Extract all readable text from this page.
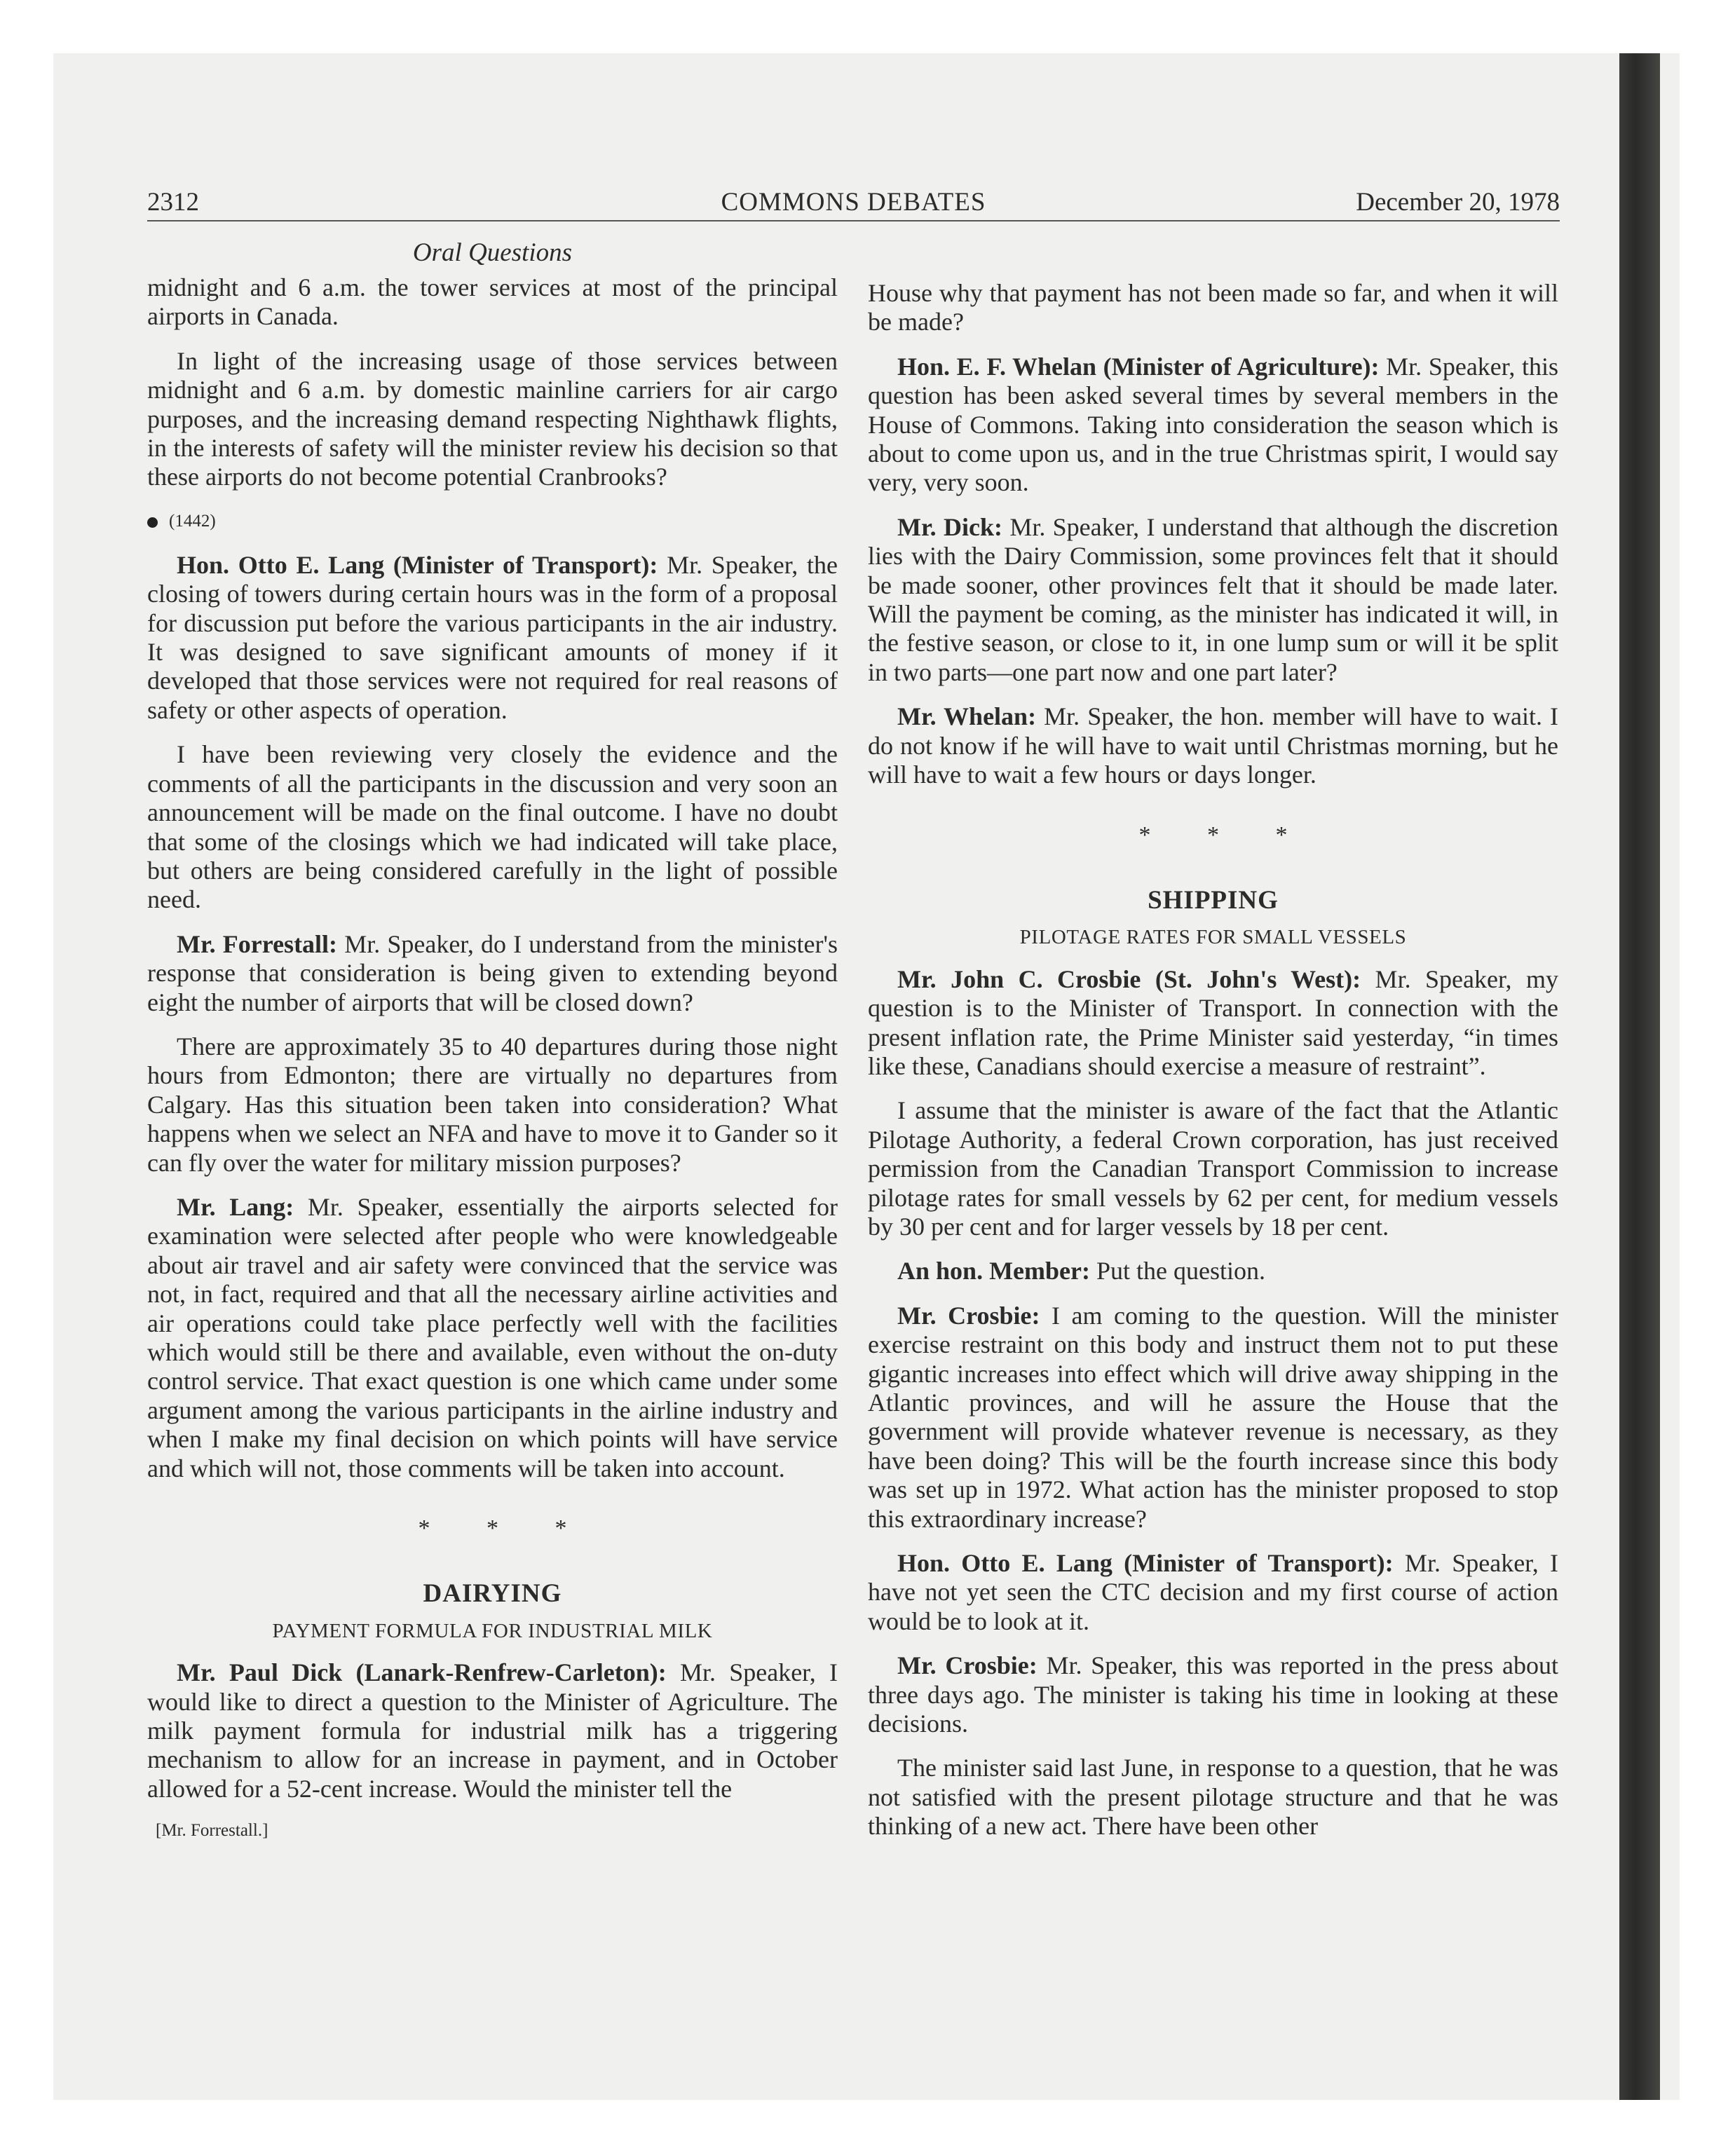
2312	COMMONS DEBATES	December 20, 1978
Oral Questions

midnight and 6 a.m. the tower services at most of the principal airports in Canada.

In light of the increasing usage of those services between midnight and 6 a.m. by domestic mainline carriers for air cargo purposes, and the increasing demand respecting Nighthawk flights, in the interests of safety will the minister review his decision so that these airports do not become potential Cranbrooks?

(1442)

Hon. Otto E. Lang (Minister of Transport): Mr. Speaker, the closing of towers during certain hours was in the form of a proposal for discussion put before the various participants in the air industry. It was designed to save significant amounts of money if it developed that those services were not required for real reasons of safety or other aspects of operation.

I have been reviewing very closely the evidence and the comments of all the participants in the discussion and very soon an announcement will be made on the final outcome. I have no doubt that some of the closings which we had indicated will take place, but others are being considered carefully in the light of possible need.

Mr. Forrestall: Mr. Speaker, do I understand from the minister's response that consideration is being given to extending beyond eight the number of airports that will be closed down?

There are approximately 35 to 40 departures during those night hours from Edmonton; there are virtually no departures from Calgary. Has this situation been taken into consideration? What happens when we select an NFA and have to move it to Gander so it can fly over the water for military mission purposes?

Mr. Lang: Mr. Speaker, essentially the airports selected for examination were selected after people who were knowledgeable about air travel and air safety were convinced that the service was not, in fact, required and that all the necessary airline activities and air operations could take place perfectly well with the facilities which would still be there and available, even without the on-duty control service. That exact question is one which came under some argument among the various participants in the airline industry and when I make my final decision on which points will have service and which will not, those comments will be taken into account.

* * *
DAIRYING
PAYMENT FORMULA FOR INDUSTRIAL MILK

Mr. Paul Dick (Lanark-Renfrew-Carleton): Mr. Speaker, I would like to direct a question to the Minister of Agriculture. The milk payment formula for industrial milk has a triggering mechanism to allow for an increase in payment, and in October allowed for a 52-cent increase. Would the minister tell the

[Mr. Forrestall.]

House why that payment has not been made so far, and when it will be made?

Hon. E. F. Whelan (Minister of Agriculture): Mr. Speaker, this question has been asked several times by several members in the House of Commons. Taking into consideration the season which is about to come upon us, and in the true Christmas spirit, I would say very, very soon.

Mr. Dick: Mr. Speaker, I understand that although the discretion lies with the Dairy Commission, some provinces felt that it should be made sooner, other provinces felt that it should be made later. Will the payment be coming, as the minister has indicated it will, in the festive season, or close to it, in one lump sum or will it be split in two parts—one part now and one part later?

Mr. Whelan: Mr. Speaker, the hon. member will have to wait. I do not know if he will have to wait until Christmas morning, but he will have to wait a few hours or days longer.

* * *
SHIPPING
PILOTAGE RATES FOR SMALL VESSELS

Mr. John C. Crosbie (St. John's West): Mr. Speaker, my question is to the Minister of Transport. In connection with the present inflation rate, the Prime Minister said yesterday, “in times like these, Canadians should exercise a measure of restraint”.

I assume that the minister is aware of the fact that the Atlantic Pilotage Authority, a federal Crown corporation, has just received permission from the Canadian Transport Commission to increase pilotage rates for small vessels by 62 per cent, for medium vessels by 30 per cent and for larger vessels by 18 per cent.

An hon. Member: Put the question.

Mr. Crosbie: I am coming to the question. Will the minister exercise restraint on this body and instruct them not to put these gigantic increases into effect which will drive away shipping in the Atlantic provinces, and will he assure the House that the government will provide whatever revenue is necessary, as they have been doing? This will be the fourth increase since this body was set up in 1972. What action has the minister proposed to stop this extraordinary increase?

Hon. Otto E. Lang (Minister of Transport): Mr. Speaker, I have not yet seen the CTC decision and my first course of action would be to look at it.

Mr. Crosbie: Mr. Speaker, this was reported in the press about three days ago. The minister is taking his time in looking at these decisions.

The minister said last June, in response to a question, that he was not satisfied with the present pilotage structure and that he was thinking of a new act. There have been other
